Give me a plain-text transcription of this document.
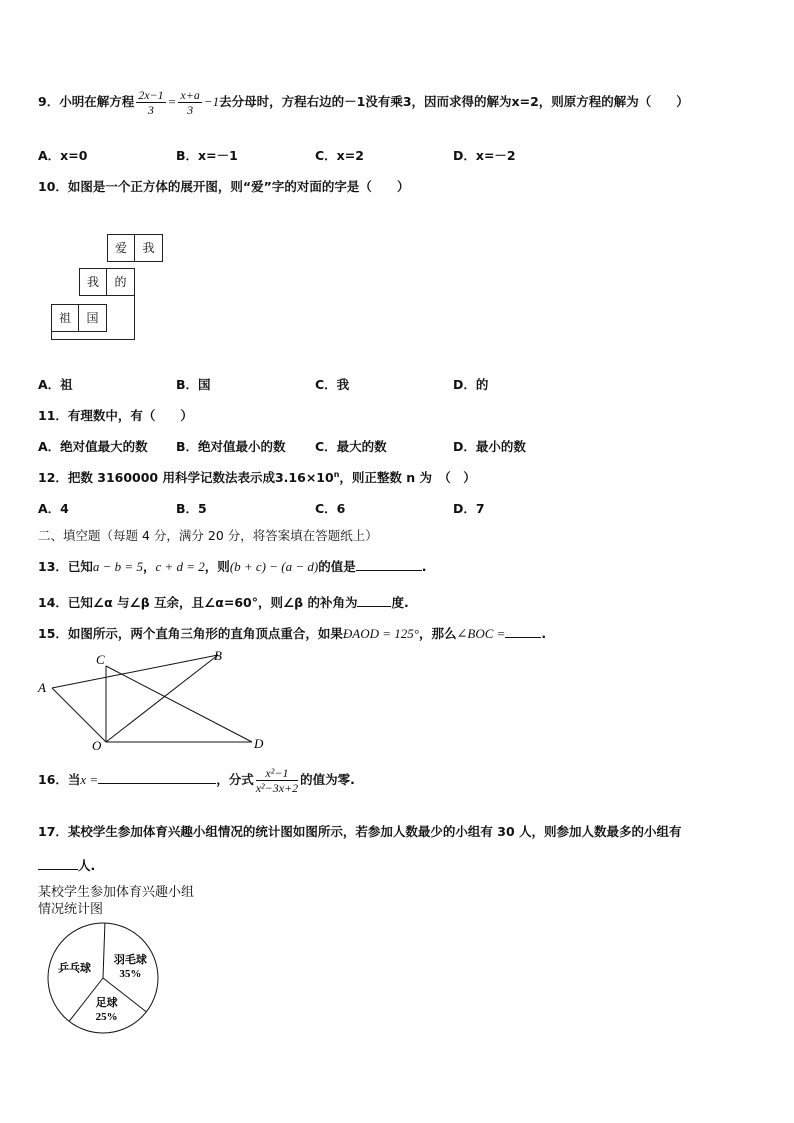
9．小明在解方程 $\frac{2x-1}{3} = \frac{x+a}{3} -1$去分母时，方程右边的－1没有乘3，因而求得的解为x=2，则原方程的解为（　　）
A．x=0	B．x=－1	C．x=2	D．x=－2
10．如图是一个正方体的展开图，则“爱”字的对面的字是（　　）
爱	我
我	的
祖	国
A．祖	B．国	C．我	D．的
11．有理数中，有（　　）
A．绝对值最大的数 B．绝对值最小的数 C．最大的数	D．最小的数
12．把数 3160000 用科学记数法表示成$3.16\times 10^n$，则正整数 n 为　（　）
A．4	B．5	C．6	D．7
二、填空题（每题 4 分，满分 20 分，将答案填在答题纸上）
13．已知a − b = 5，c + d = 2，则(b + c) − (a − d)的值是	.
14．已知∠α 与∠β 互余，且∠α=60°，则∠β 的补角为	度.
15．如图所示，两个直角三角形的直角顶点重合，如果ÐAOD = 125°，那么∠BOC =	.
A
B
C
D
O
16．当x =	，分式 $\frac{\text{x²−1}}{\text{x²−3x+2}}$ 的值为零.
17．某校学生参加体育兴趣小组情况的统计图如图所示，若参加人数最少的小组有 30 人，则参加人数最多的小组有
人.
某校学生参加体育兴趣小组情况统计图
羽毛球
35%
足球
25%
乒乓球
